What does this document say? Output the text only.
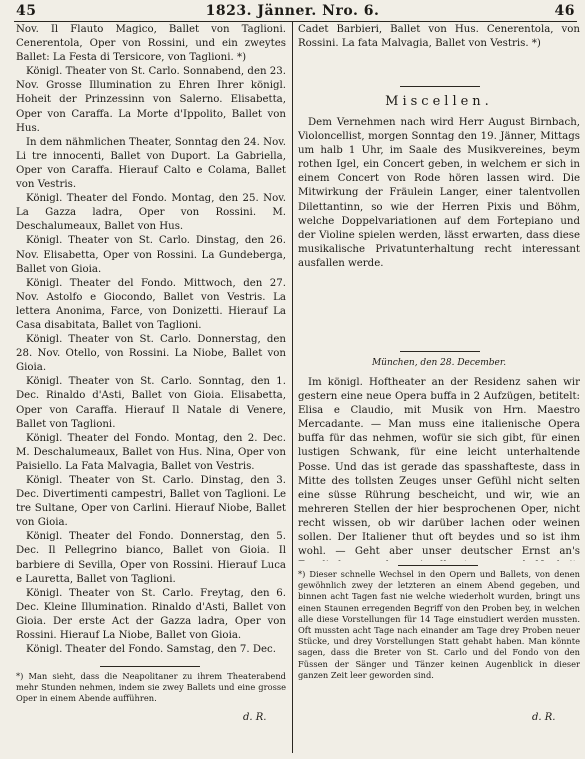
45	1823. Jänner. Nro. 6.	46

Nov. Il Flauto Magico, Ballet von Taglioni. Cenerentola, Oper von Rossini, und ein zweytes Ballet: La Festa di Tersicore, von Taglioni. *)

Königl. Theater von St. Carlo. Sonnabend, den 23. Nov. Grosse Illumination zu Ehren Ihrer königl. Hoheit der Prinzessinn von Salerno. Elisabetta, Oper von Caraffa. La Morte d'Ippolito, Ballet von Hus.

In dem nähmlichen Theater, Sonntag den 24. Nov. Li tre innocenti, Ballet von Duport. La Gabriella, Oper von Caraffa. Hierauf Calto e Colama, Ballet von Vestris.

Königl. Theater del Fondo. Montag, den 25. Nov. La Gazza ladra, Oper von Rossini. M. Deschalumeaux, Ballet von Hus.

Königl. Theater von St. Carlo. Dinstag, den 26. Nov. Elisabetta, Oper von Rossini. La Gundeberga, Ballet von Gioia.

Königl. Theater del Fondo. Mittwoch, den 27. Nov. Astolfo e Giocondo, Ballet von Vestris. La lettera Anonima, Farce, von Donizetti. Hierauf La Casa disabitata, Ballet von Taglioni.

Königl. Theater von St. Carlo. Donnerstag, den 28. Nov. Otello, von Rossini. La Niobe, Ballet von Gioia.

Königl. Theater von St. Carlo. Sonntag, den 1. Dec. Rinaldo d'Asti, Ballet von Gioia. Elisabetta, Oper von Caraffa. Hierauf Il Natale di Venere, Ballet von Taglioni.

Königl. Theater del Fondo. Montag, den 2. Dec. M. Deschalumeaux, Ballet von Hus. Nina, Oper von Paisiello. La Fata Malvagia, Ballet von Vestris.

Königl. Theater von St. Carlo. Dinstag, den 3. Dec. Divertimenti campestri, Ballet von Taglioni. Le tre Sultane, Oper von Carlini. Hierauf Niobe, Ballet von Gioia.

Königl. Theater del Fondo. Donnerstag, den 5. Dec. Il Pellegrino bianco, Ballet von Gioia. Il barbiere di Sevilla, Oper von Rossini. Hierauf Luca e Lauretta, Ballet von Taglioni.

Königl. Theater von St. Carlo. Freytag, den 6. Dec. Kleine Illumination. Rinaldo d'Asti, Ballet von Gioia. Der erste Act der Gazza ladra, Oper von Rossini. Hierauf La Niobe, Ballet von Gioia.

Königl. Theater del Fondo. Samstag, den 7. Dec.

*) Man sieht, dass die Neapolitaner zu ihrem Theaterabend mehr Stunden nehmen, indem sie zwey Ballets und eine grosse Oper in einem Abende aufführen.
d. R.

Cadet Barbieri, Ballet von Hus. Cenerentola, von Rossini. La fata Malvagia, Ballet von Vestris. *)

Miscellen.

Dem Vernehmen nach wird Herr August Birnbach, Violoncellist, morgen Sonntag den 19. Jänner, Mittags um halb 1 Uhr, im Saale des Musikvereines, beym rothen Igel, ein Concert geben, in welchem er sich in einem Concert von Rode hören lassen wird. Die Mitwirkung der Fräulein Langer, einer talentvollen Dilettantinn, so wie der Herren Pixis und Böhm, welche Doppelvariationen auf dem Fortepiano und der Violine spielen werden, lässt erwarten, dass diese musikalische Privatunterhaltung recht interessant ausfallen werde.

München, den 28. December.

Im königl. Hoftheater an der Residenz sahen wir gestern eine neue Opera buffa in 2 Aufzügen, betitelt: Elisa e Claudio, mit Musik von Hrn. Maestro Mercadante. — Man muss eine italienische Opera buffa für das nehmen, wofür sie sich gibt, für einen lustigen Schwank, für eine leicht unterhaltende Posse. Und das ist gerade das spasshafteste, dass in Mitte des tollsten Zeuges unser Gefühl nicht selten eine süsse Rührung bescheicht, und wir, wie an mehreren Stellen der hier besprochenen Oper, nicht recht wissen, ob wir darüber lachen oder weinen sollen. Der Italiener thut oft beydes und so ist ihm wohl. — Geht aber unser deutscher Ernst an's

*) Dieser schnelle Wechsel in den Opern und Ballets, von denen gewöhnlich zwey der letzteren an einem Abend gegeben, und binnen acht Tagen fast nie welche wiederholt wurden, bringt uns einen Staunen erregenden Begriff von den Proben bey, in welchen alle diese Vorstellungen für 14 Tage einstudiert werden mussten. Oft mussten acht Tage nach einander am Tage drey Proben neuer Stücke, und drey Vorstellungen Statt gehabt haben. Man könnte sagen, dass die Breter von St. Carlo und del Fondo von den Füssen der Sänger und Tänzer keinen Augenblick in dieser ganzen Zeit leer geworden sind.
d. R.
